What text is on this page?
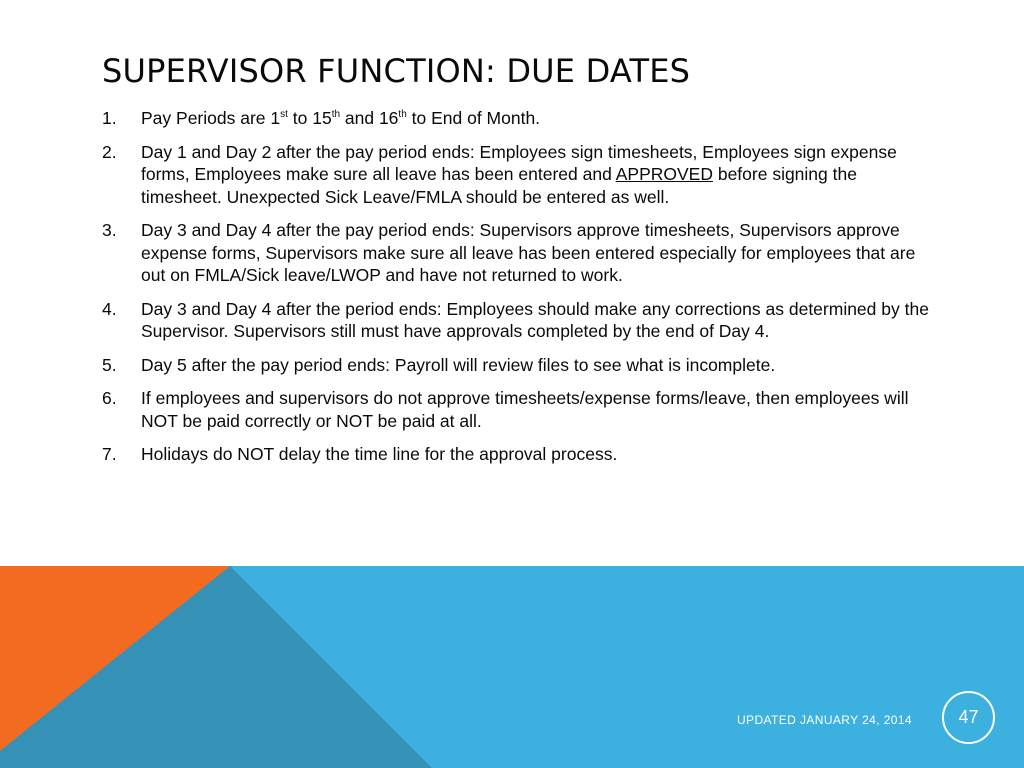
SUPERVISOR FUNCTION: DUE DATES
1. Pay Periods are 1st to 15th and 16th to End of Month.
2. Day 1 and Day 2 after the pay period ends: Employees sign timesheets, Employees sign expense forms, Employees make sure all leave has been entered and APPROVED before signing the timesheet. Unexpected Sick Leave/FMLA should be entered as well.
3. Day 3 and Day 4 after the pay period ends: Supervisors approve timesheets, Supervisors approve expense forms, Supervisors make sure all leave has been entered especially for employees that are out on FMLA/Sick leave/LWOP and have not returned to work.
4. Day 3 and Day 4 after the period ends: Employees should make any corrections as determined by the Supervisor. Supervisors still must have approvals completed by the end of Day 4.
5. Day 5 after the pay period ends: Payroll will review files to see what is incomplete.
6. If employees and supervisors do not approve timesheets/expense forms/leave, then employees will NOT be paid correctly or NOT be paid at all.
7. Holidays do NOT delay the time line for the approval process.
UPDATED JANUARY 24, 2014	47
